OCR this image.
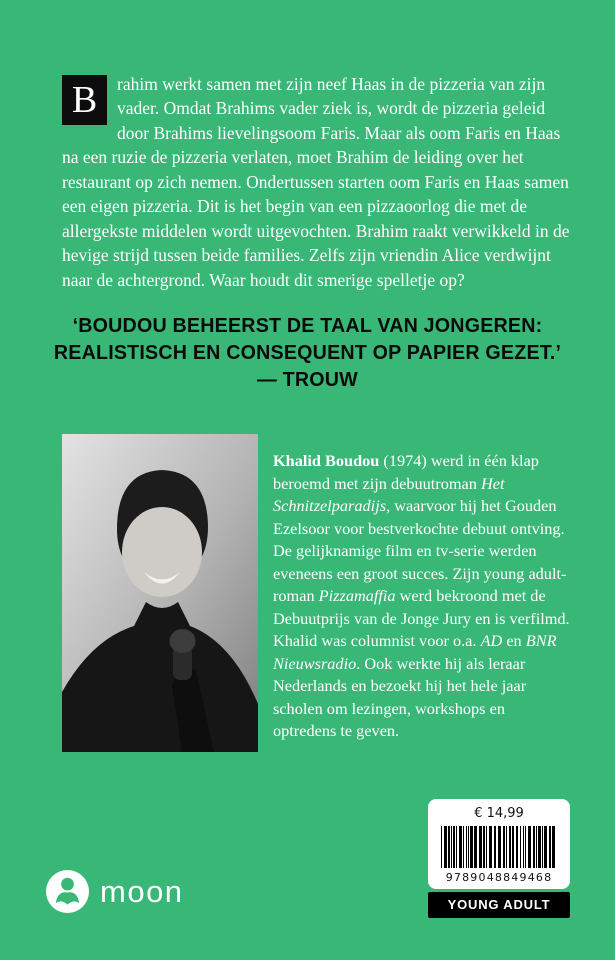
B	rahim werkt samen met zijn neef Haas in de pizzeria van zijn vader. Omdat Brahims vader ziek is, wordt de pizzeria geleid door Brahims lievelingsoom Faris. Maar als oom Faris en Haas na een ruzie de pizzeria verlaten, moet Brahim de leiding over het restaurant op zich nemen. Ondertussen starten oom Faris en Haas samen een eigen pizzeria. Dit is het begin van een pizzaoorlog die met de allergekste middelen wordt uitgevochten. Brahim raakt verwikkeld in de hevige strijd tussen beide families. Zelfs zijn vriendin Alice verdwijnt naar de achtergrond. Waar houdt dit smerige spelletje op?

‘BOUDOU BEHEERST DE TAAL VAN JONGEREN:
REALISTISCH EN CONSEQUENT OP PAPIER GEZET.’
— TROUW

Khalid Boudou (1974) werd in één klap beroemd met zijn debuutroman Het Schnitzelparadijs, waarvoor hij het Gouden Ezelsoor voor bestverkochte debuut ontving. De gelijknamige film en tv-serie werden eveneens een groot succes. Zijn young adult-roman Pizzamaffia werd bekroond met de Debuutprijs van de Jonge Jury en is verfilmd. Khalid was columnist voor o.a. AD en BNR Nieuwsradio. Ook werkte hij als leraar Nederlands en bezoekt hij het hele jaar scholen om lezingen, workshops en optredens te geven.

moon
€ 14,99
9789048849468
YOUNG ADULT
